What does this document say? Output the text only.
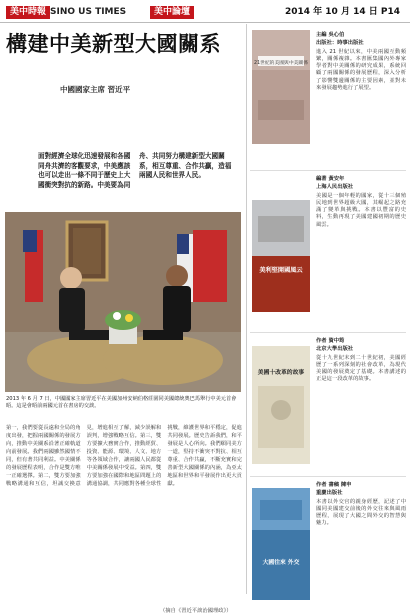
美中時報 SINO US TIMES	美中論壇	2014 年 10 月 14 日 P14
構建中美新型大國關系
中國國家主席 習近平
面對經濟全球化迅速發展和各國同舟共濟的客觀要求，中美應該也可以走出一條不同于歷史上大國衝突對抗的新路。中美要為同舟、共同努力構建新型大國關系，相互尊重、合作共贏，造福兩國人民和世界人民。
2013 年 6 月 7 日，中國國家主席習近平在美國加州安納伯格莊園同美國總統奧巴馬舉行中美元首會晤。這是會晤前兩國元首在書房的交談。
第一，我們要從長遠和全局的角度出發，把握兩國關係的發展方向，推動中美關系沿著正確軌道向前發展。我們兩國雖然國情不同，但有著共同利益。中美關係的發展歷程表明，合作是雙方唯一正確選擇。第二，雙方要加強戰略溝通和互信，坦誠交換意見，增進相互了解，減少誤解和誤判，增強戰略互信。第三，雙方要擴大務實合作，推動經貿、投資、能源、環境、人文、地方等各領域合作，讓兩國人民都從中美關係發展中受益。第四，雙方要加強在國際和地區問題上的溝通協調，共同應對各種全球性挑戰，維護世界和平穩定，促進共同發展。歷史告訴我們，和平發展是人心所向。我們願同美方一道，堅持不衝突不對抗、相互尊重、合作共贏，不斷充實和完善新型大國關係的內涵，為亞太地區和世界和平發展作出更大貢獻。
（摘自《習近平談治國理政》）
21世紀的美國與中美關係
主編 吳心伯
出版社：時事出版社
進入 21 世紀以來，中美兩國互動頻繁，關係複雜。本書匯集國內外專家學者對中美關係的研究成果，系統回顧了兩國關係的發展歷程，深入分析了影響雙邊關係的主要因素，並對未來發展趨勢進行了展望。
美利堅開國風云
編著 黃安年
上海人民出版社
美國是一個年輕的國家，從十三個殖民地到世界超級大國，其崛起之路充滿了變革與挑戰。本書以豐富的史料，生動再現了美國建國初期的歷史風雲。
美國十改革的故事
作者 資中筠
北京大學出版社
從十九世紀末到二十世紀初，美國經歷了一系列深刻的社會改革，為現代美國的發展奠定了基礎。本書講述的正是這一段改革的故事。
大國往來 外交
作者 書稿 陳申
重慶出版社
本書以外交官的親身經歷，記述了中國同美國建交前後的外交往來與風雨歷程，展現了大國之間外交的智慧與魅力。
